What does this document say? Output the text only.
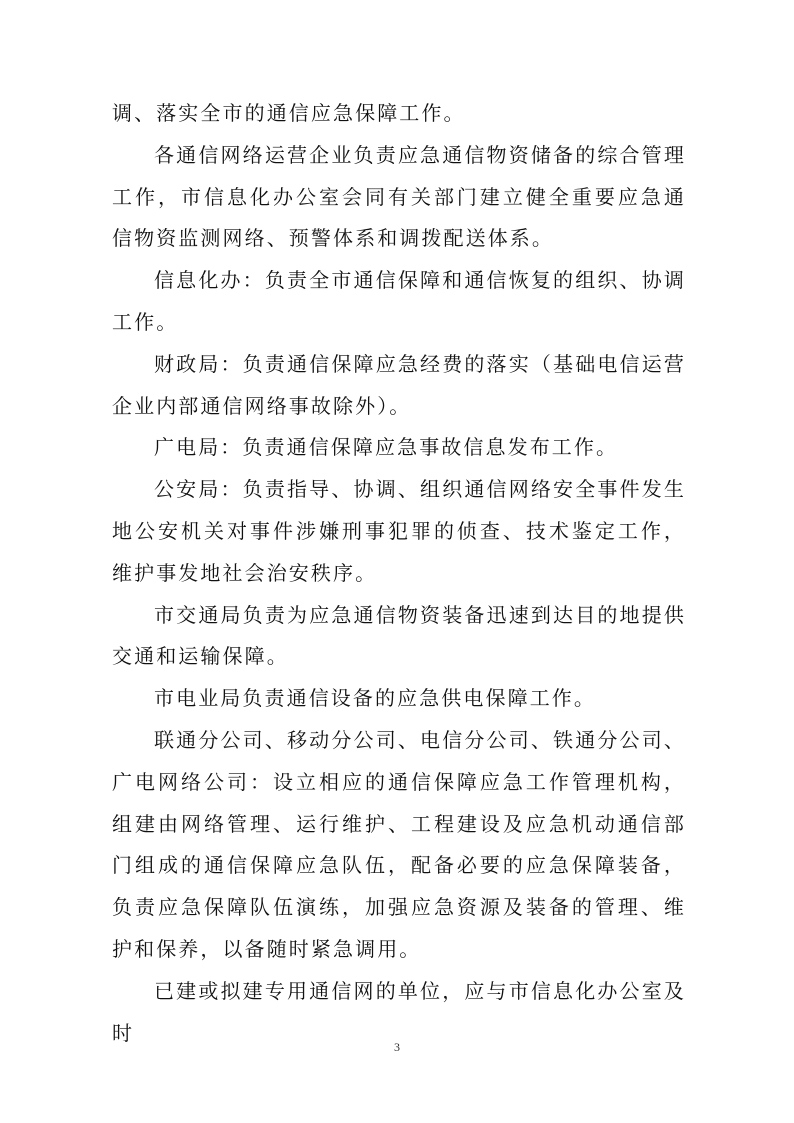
调、落实全市的通信应急保障工作。

各通信网络运营企业负责应急通信物资储备的综合管理工作，市信息化办公室会同有关部门建立健全重要应急通信物资监测网络、预警体系和调拨配送体系。

信息化办：负责全市通信保障和通信恢复的组织、协调工作。

财政局：负责通信保障应急经费的落实（基础电信运营企业内部通信网络事故除外）。

广电局：负责通信保障应急事故信息发布工作。

公安局：负责指导、协调、组织通信网络安全事件发生地公安机关对事件涉嫌刑事犯罪的侦查、技术鉴定工作，维护事发地社会治安秩序。

市交通局负责为应急通信物资装备迅速到达目的地提供交通和运输保障。

市电业局负责通信设备的应急供电保障工作。

联通分公司、移动分公司、电信分公司、铁通分公司、广电网络公司：设立相应的通信保障应急工作管理机构，组建由网络管理、运行维护、工程建设及应急机动通信部门组成的通信保障应急队伍，配备必要的应急保障装备，负责应急保障队伍演练，加强应急资源及装备的管理、维护和保养，以备随时紧急调用。

已建或拟建专用通信网的单位，应与市信息化办公室及时

3
